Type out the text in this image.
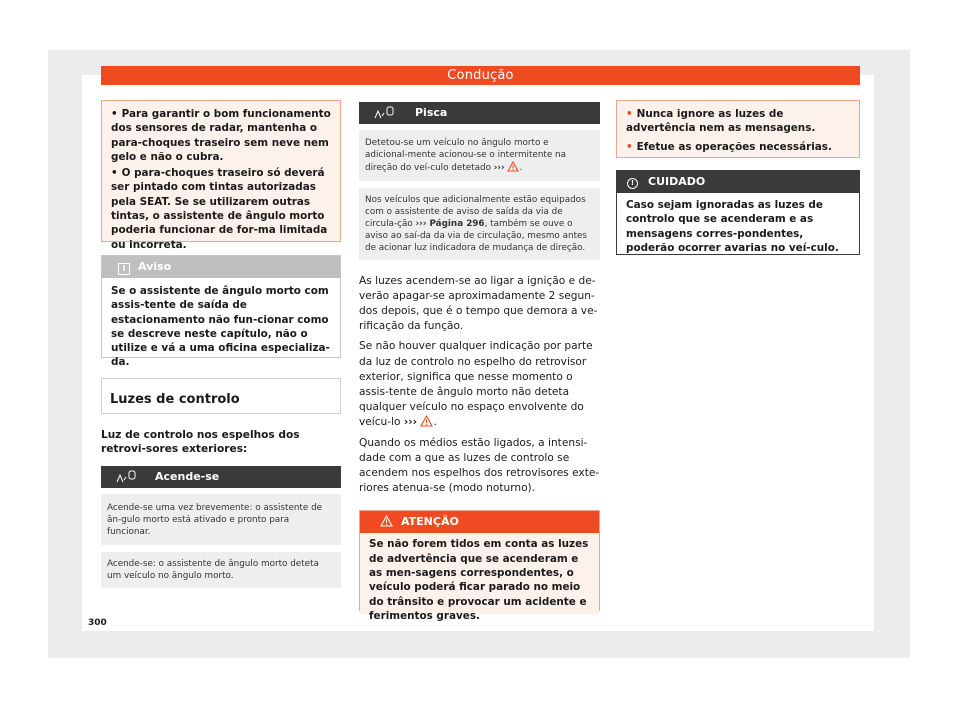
Condução
• Para garantir o bom funcionamento dos sensores de radar, mantenha o para-choques traseiro sem neve nem gelo e não o cubra.
• O para-choques traseiro só deverá ser pintado com tintas autorizadas pela SEAT. Se se utilizarem outras tintas, o assistente de ângulo morto poderia funcionar de for-ma limitada ou incorreta.
i Aviso
Se o assistente de ângulo morto com assis-tente de saída de estacionamento não fun-cionar como se descreve neste capítulo, não o utilize e vá a uma oficina especializa-da.
Luzes de controlo
Luz de controlo nos espelhos dos retrovi-sores exteriores:
Acende-se
Acende-se uma vez brevemente: o assistente de ân-gulo morto está ativado e pronto para funcionar.
Acende-se: o assistente de ângulo morto deteta um veículo no ângulo morto.
300
Pisca
Detetou-se um veículo no ângulo morto e adicional-mente acionou-se o intermitente na direção do veí-culo detetado ››› .
Nos veículos que adicionalmente estão equipados com o assistente de aviso de saída da via de circula-ção ››› Página 296, também se ouve o aviso ao saí-da da via de circulação, mesmo antes de acionar luz indicadora de mudança de direção.
As luzes acendem-se ao ligar a ignição e de-verão apagar-se aproximadamente 2 segun-dos depois, que é o tempo que demora a ve-rificação da função.
Se não houver qualquer indicação por parte da luz de controlo no espelho do retrovisor exterior, significa que nesse momento o assis-tente de ângulo morto não deteta qualquer veículo no espaço envolvente do veícu-lo ››› .
Quando os médios estão ligados, a intensi-dade com a que as luzes de controlo se acendem nos espelhos dos retrovisores exte-riores atenua-se (modo noturno).
ATENÇÃO
Se não forem tidos em conta as luzes de advertência que se acenderam e as men-sagens correspondentes, o veículo poderá ficar parado no meio do trânsito e provocar um acidente e ferimentos graves.
• Nunca ignore as luzes de advertência nem as mensagens.
• Efetue as operações necessárias.
! CUIDADO
Caso sejam ignoradas as luzes de controlo que se acenderam e as mensagens corres-pondentes, poderão ocorrer avarias no veí-culo.
